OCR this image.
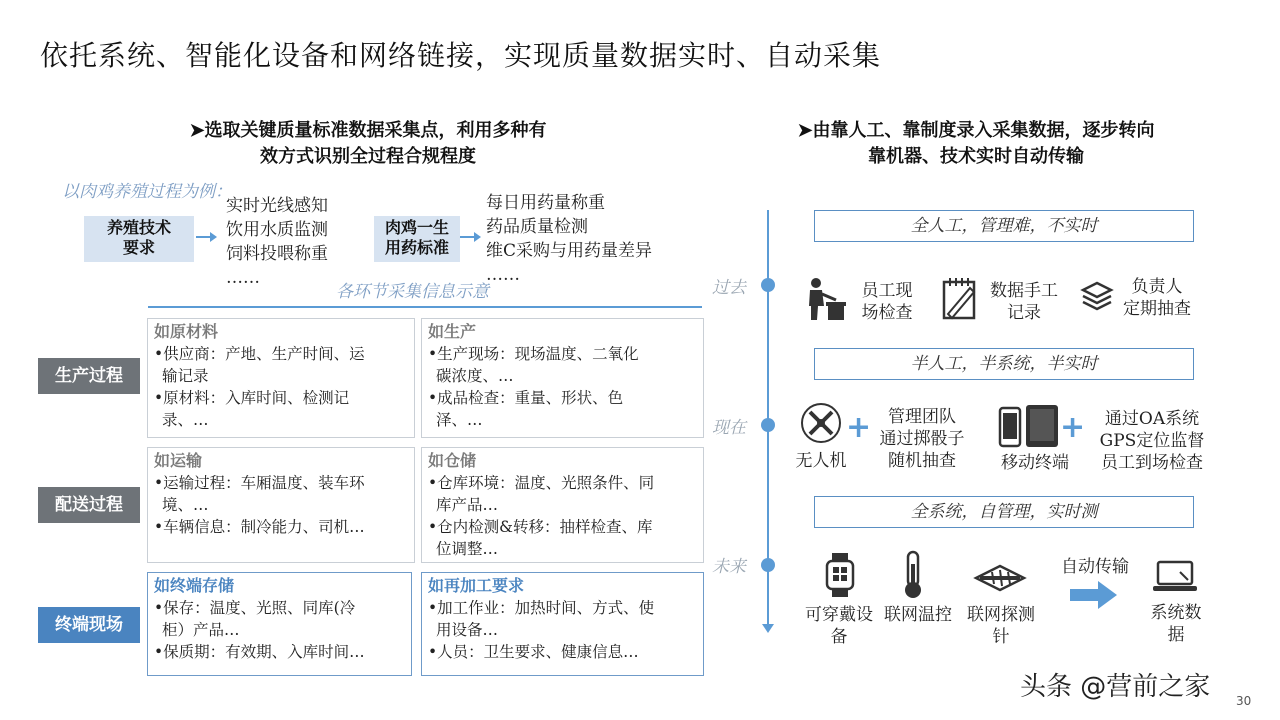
依托系统、智能化设备和网络链接，实现质量数据实时、自动采集
➤选取关键质量标准数据采集点，利用多种有
效方式识别全过程合规程度
以肉鸡养殖过程为例：
养殖技术
要求
实时光线感知
饮用水质监测
饲料投喂称重
……
肉鸡一生
用药标准
每日用药量称重
药品质量检测
维C采购与用药量差异
……
各环节采集信息示意
生产过程
配送过程
终端现场
如原材料
•供应商：产地、生产时间、运
输记录
•原材料：入库时间、检测记
录、…
如生产
•生产现场：现场温度、二氧化
碳浓度、…
•成品检查：重量、形状、色
泽、…
如运输
•运输过程：车厢温度、装车环
境、…
•车辆信息：制冷能力、司机…
如仓储
•仓库环境：温度、光照条件、同
库产品…
•仓内检测&转移：抽样检查、库
位调整…
如终端存储
•保存：温度、光照、同库(冷
柜）产品…
•保质期：有效期、入库时间…
如再加工要求
•加工作业：加热时间、方式、使
用设备…
•人员：卫生要求、健康信息…
➤由靠人工、靠制度录入采集数据，逐步转向
靠机器、技术实时自动传输
过去
现在
未来
全人工，管理难，不实时
半人工，半系统，半实时
全系统，自管理，实时测
员工现
场检查
数据手工
记录
负责人
定期抽查
无人机
+ 管理团队
通过掷骰子
随机抽查	移动终端
+	通过OA系统
GPS定位监督
员工到场检查
可穿戴设
备
联网温控 联网探测
针
自动传输
系统数
据
头条 @营前之家 30
